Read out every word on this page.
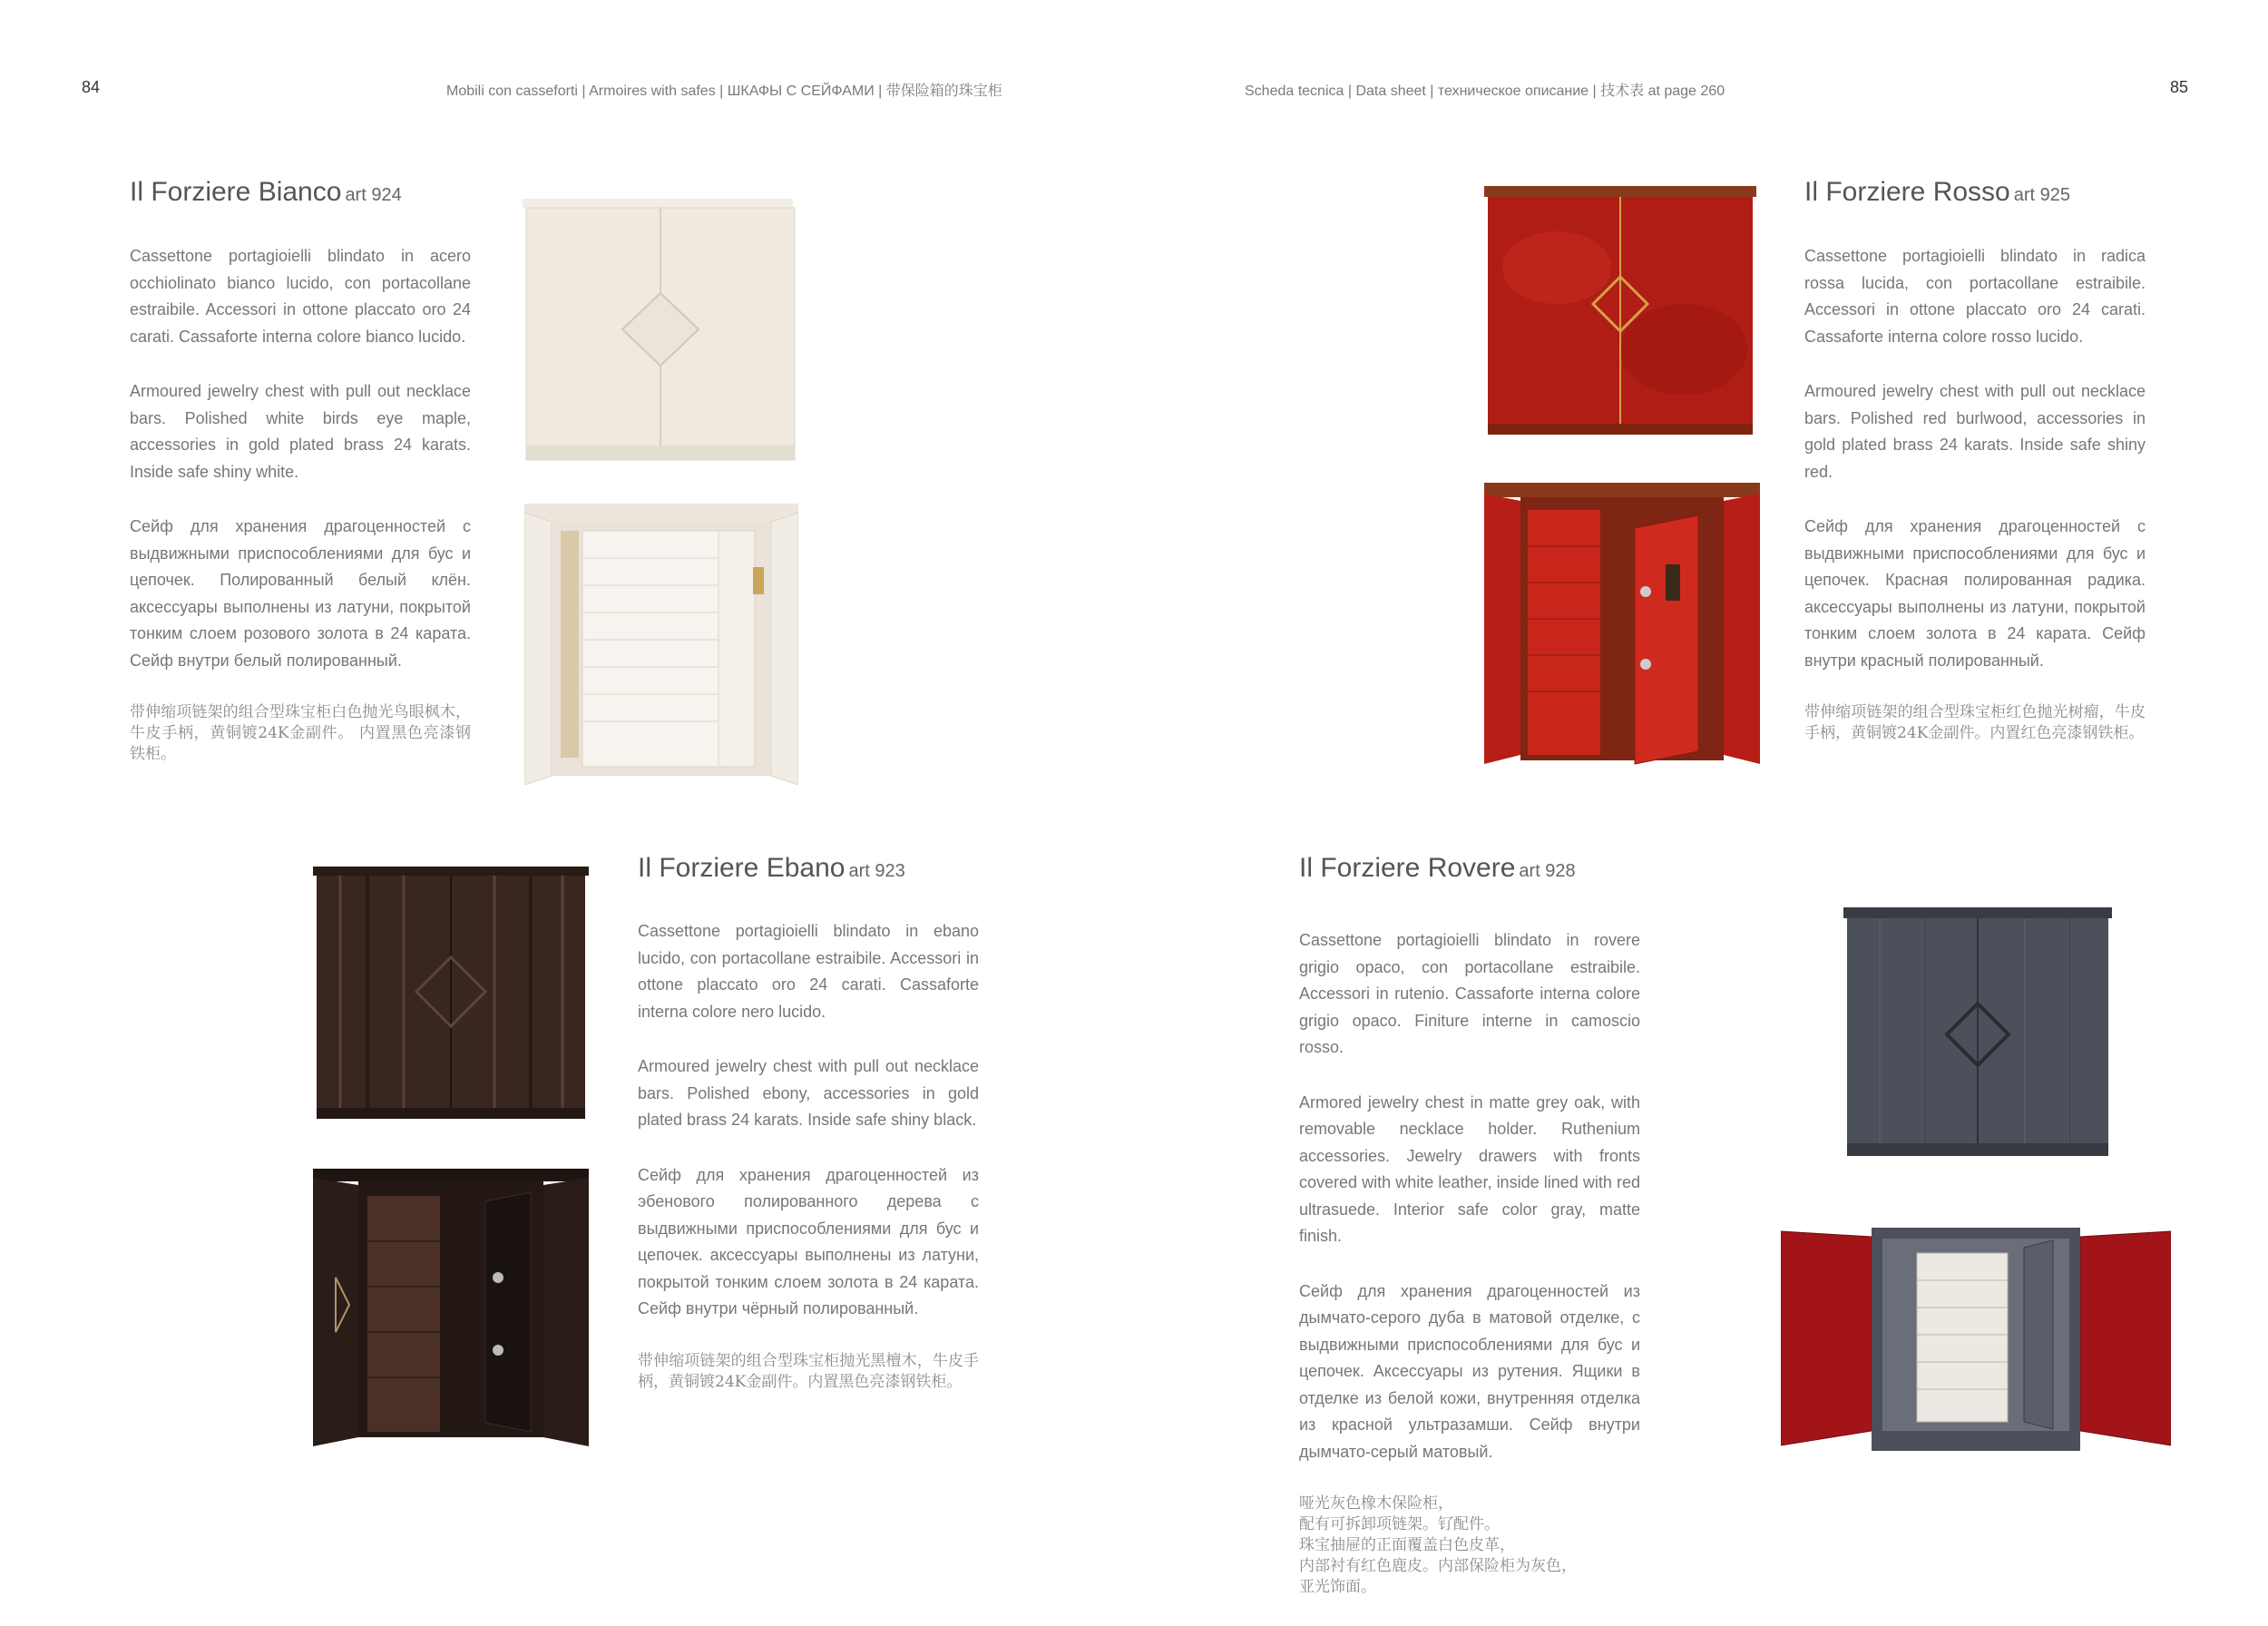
84	Mobili con casseforti | Armoires with safes | ШКАФЫ С СЕЙФАМИ | 带保险箱的珠宝柜	Scheda tecnica | Data sheet | техническое описание | 技术表 at page 260	85
Il Forziere Bianco art 924

Cassettone portagioielli blindato in acero occhiolinato bianco lucido, con portacollane estraibile. Accessori in ottone placcato oro 24 carati. Cassaforte interna colore bianco lucido.

Armoured jewelry chest with pull out necklace bars. Polished white birds eye maple, accessories in gold plated brass 24 karats. Inside safe shiny white.

Сейф для хранения драгоценностей с выдвижными приспособлениями для бус и цепочек. Полированный белый клён. аксессуары выполнены из латуни, покрытой тонким слоем розового золота в 24 карата. Сейф внутри белый полированный.

带伸缩项链架的组合型珠宝柜白色抛光鸟眼枫木，牛皮手柄，黄铜镀24K金副件。 内置黑色亮漆钢铁柜。

Il Forziere Rosso art 925

Cassettone portagioielli blindato in radica rossa lucida, con portacollane estraibile. Accessori in ottone placcato oro 24 carati. Cassaforte interna colore rosso lucido.

Armoured jewelry chest with pull out necklace bars. Polished red burlwood, accessories in gold plated brass 24 karats. Inside safe shiny red.

Сейф для хранения драгоценностей с выдвижными приспособлениями для бус и цепочек. Красная полированная радика. аксессуары выполнены из латуни, покрытой тонким слоем золота в 24 карата. Сейф внутри красный полированный.

带伸缩项链架的组合型珠宝柜红色抛光树瘤，牛皮手柄，黄铜镀24K金副件。内置红色亮漆钢铁柜。

Il Forziere Ebano art 923

Cassettone portagioielli blindato in ebano lucido, con portacollane estraibile. Accessori in ottone placcato oro 24 carati. Cassaforte interna colore nero lucido.

Armoured jewelry chest with pull out necklace bars. Polished ebony, accessories in gold plated brass 24 karats. Inside safe shiny black.

Сейф для хранения драгоценностей из эбенового полированного дерева с выдвижными приспособлениями для бус и цепочек. аксессуары выполнены из латуни, покрытой тонким слоем золота в 24 карата. Сейф внутри чёрный полированный.

带伸缩项链架的组合型珠宝柜抛光黑檀木，牛皮手柄，黄铜镀24K金副件。内置黑色亮漆钢铁柜。

Il Forziere Rovere art 928

Cassettone portagioielli blindato in rovere grigio opaco, con portacollane estraibile. Accessori in rutenio. Cassaforte interna colore grigio opaco. Finiture interne in camoscio rosso.

Armored jewelry chest in matte grey oak, with removable necklace holder. Ruthenium accessories. Jewelry drawers with fronts covered with white leather, inside lined with red ultrasuede. Interior safe color gray, matte finish.

Сейф для хранения драгоценностей из дымчато-серого дуба в матовой отделке, с выдвижными приспособлениями для бус и цепочек. Аксессуары из рутения. Ящики в отделке из белой кожи, внутренняя отделка из красной ультразамши. Сейф внутри дымчато-серый матовый.

哑光灰色橡木保险柜，
配有可拆卸项链架。钌配件。
珠宝抽屉的正面覆盖白色皮革，
内部衬有红色鹿皮。内部保险柜为灰色，
亚光饰面。
